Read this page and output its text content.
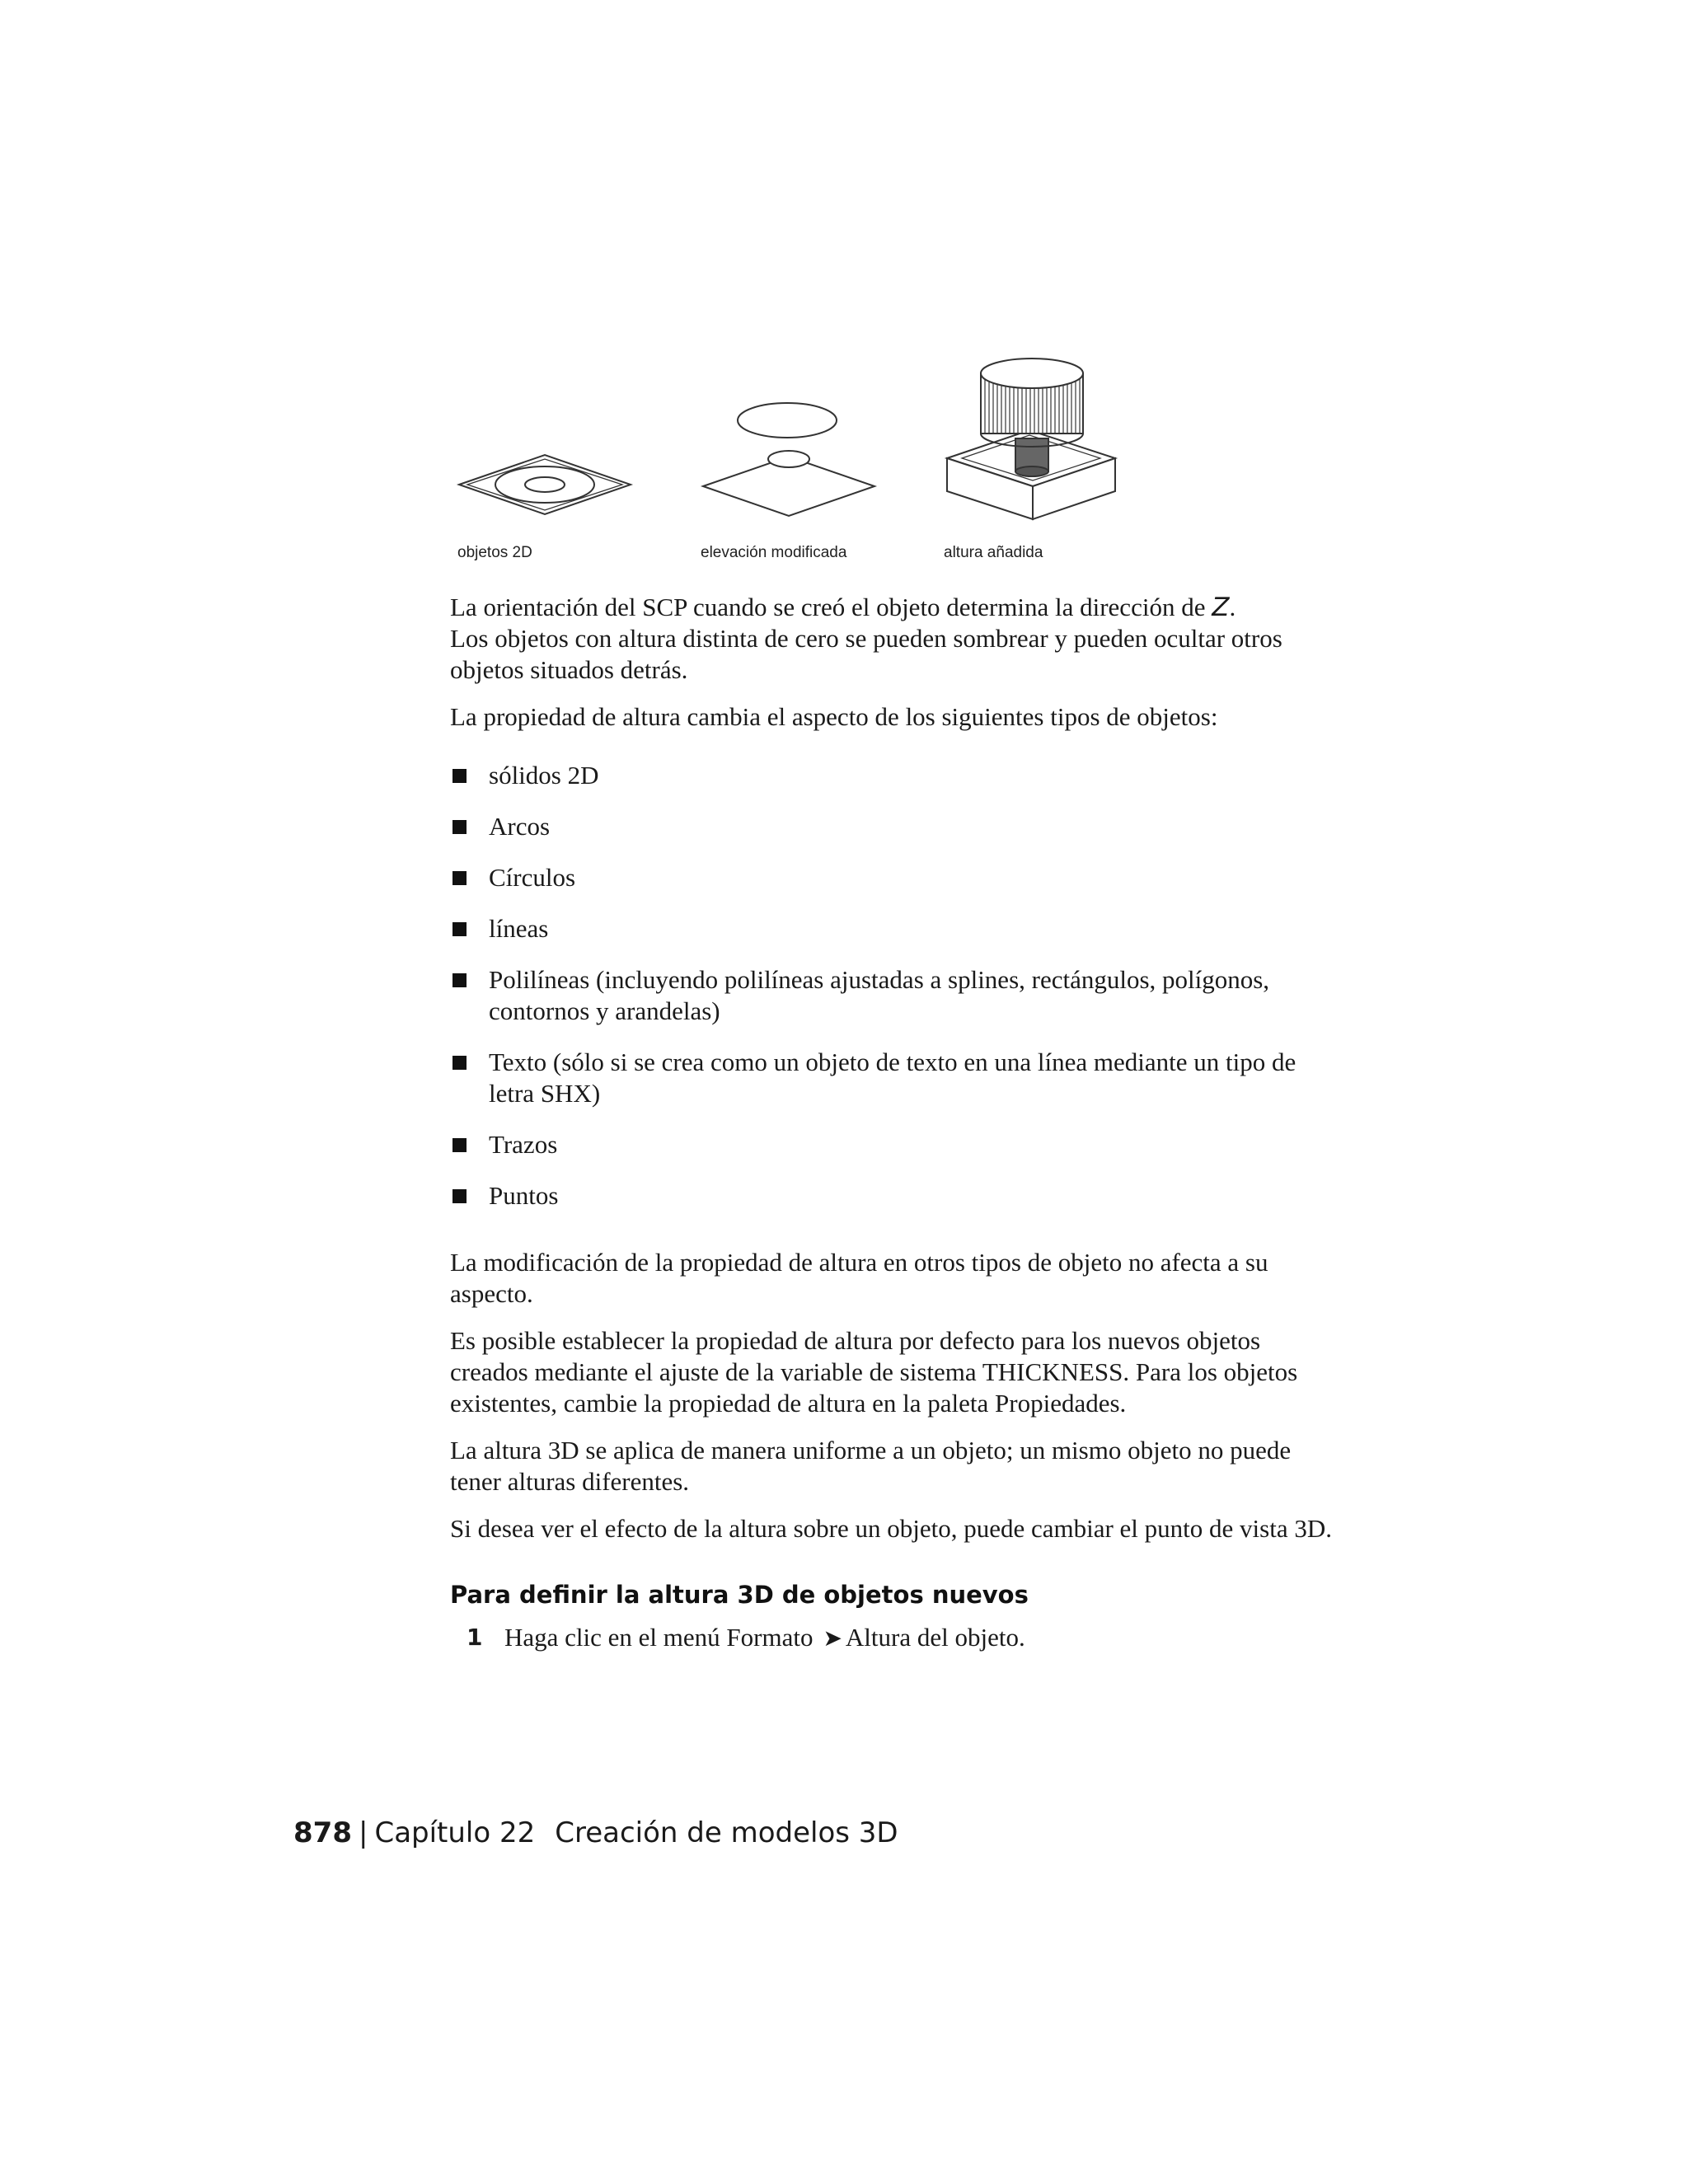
objetos 2D	elevación modificada	altura añadida

La orientación del SCP cuando se creó el objeto determina la dirección de Z.
Los objetos con altura distinta de cero se pueden sombrear y pueden ocultar otros objetos situados detrás.

La propiedad de altura cambia el aspecto de los siguientes tipos de objetos:

sólidos 2D
Arcos
Círculos
líneas
Polilíneas (incluyendo polilíneas ajustadas a splines, rectángulos, polígonos, contornos y arandelas)
Texto (sólo si se crea como un objeto de texto en una línea mediante un tipo de letra SHX)
Trazos
Puntos

La modificación de la propiedad de altura en otros tipos de objeto no afecta a su aspecto.

Es posible establecer la propiedad de altura por defecto para los nuevos objetos creados mediante el ajuste de la variable de sistema THICKNESS. Para los objetos existentes, cambie la propiedad de altura en la paleta Propiedades.

La altura 3D se aplica de manera uniforme a un objeto; un mismo objeto no puede tener alturas diferentes.

Si desea ver el efecto de la altura sobre un objeto, puede cambiar el punto de vista 3D.

Para definir la altura 3D de objetos nuevos
1 Haga clic en el menú Formato ➤ Altura del objeto.
878 | Capítulo 22 Creación de modelos 3D
